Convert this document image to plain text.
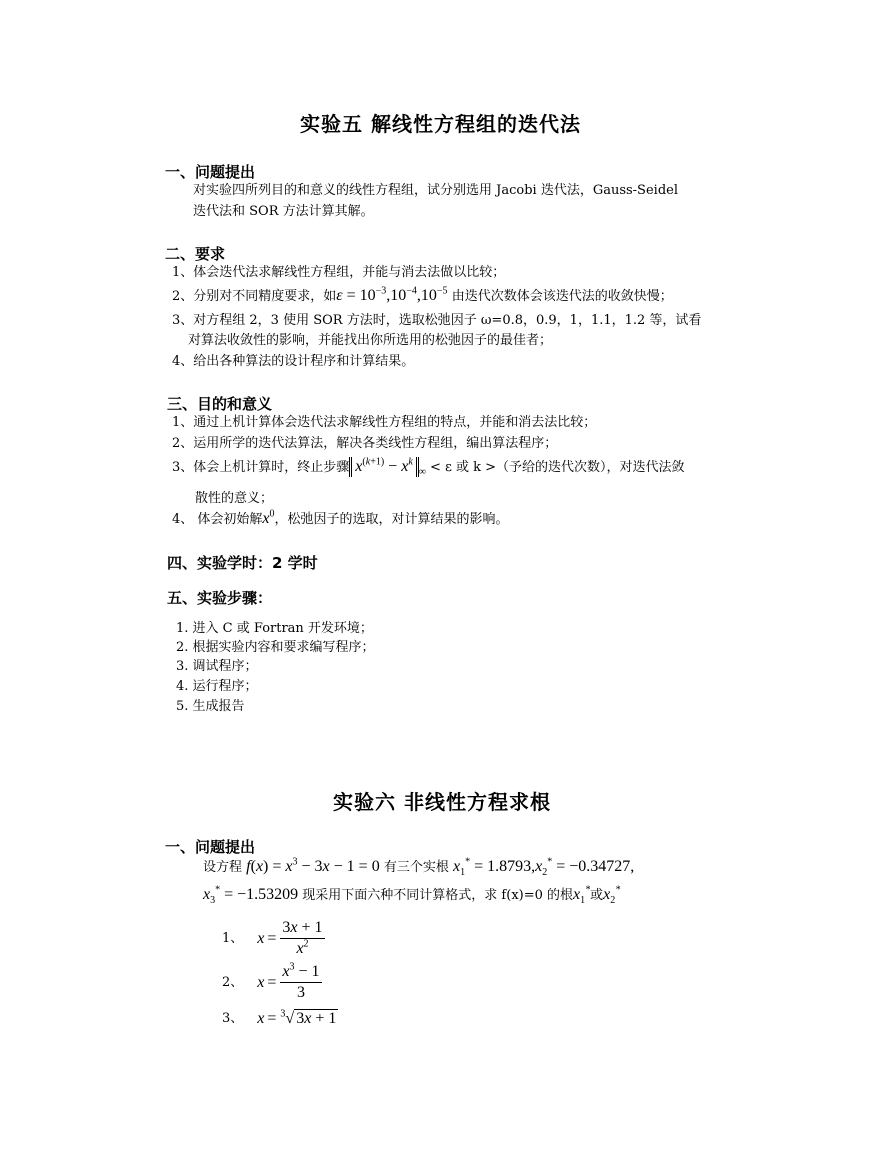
实验五 解线性方程组的迭代法
一、问题提出
对实验四所列目的和意义的线性方程组，试分别选用 Jacobi 迭代法，Gauss-Seidel
迭代法和 SOR 方法计算其解。
二、要求
1、体会迭代法求解线性方程组，并能与消去法做以比较；
2、分别对不同精度要求，如$\varepsilon = 10^{-3},10^{-4},10^{-5}$ 由迭代次数体会该迭代法的收敛快慢；
3、对方程组 2，3 使用 SOR 方法时，选取松弛因子 ω=0.8，0.9，1，1.1，1.2 等，试看
对算法收敛性的影响，并能找出你所选用的松弛因子的最佳者；
4、给出各种算法的设计程序和计算结果。
三、目的和意义
1、通过上机计算体会迭代法求解线性方程组的特点，并能和消去法比较；
2、运用所学的迭代法算法，解决各类线性方程组，编出算法程序；
3、体会上机计算时，终止步骤 $x^{(k+1)} - x^k_\infty < \varepsilon$ 或 k >（予给的迭代次数），对迭代法敛
散性的意义；
4、 体会初始解$x^0$，松弛因子的选取，对计算结果的影响。
四、实验学时：2 学时
五、实验步骤：
1. 进入 C 或 Fortran 开发环境；
2. 根据实验内容和要求编写程序；
3. 调试程序；
4. 运行程序；
5. 生成报告
实验六 非线性方程求根
一、问题提出
设方程 $f(x) = x^3 - 3x - 1 = 0$ 有三个实根 $x_1^* = 1.8793,x_2^* = -0.34727$,
$x_3^* = -1.53209$ 现采用下面六种不同计算格式，求 f(x)=0 的根$x_1^*$或$x_2^*$
1、 $x = \frac{3x + 1}{x^2}$
2、 $x = \frac{x^3 - 1}{3}$
3、 x = $^3$√ 3x + 1
